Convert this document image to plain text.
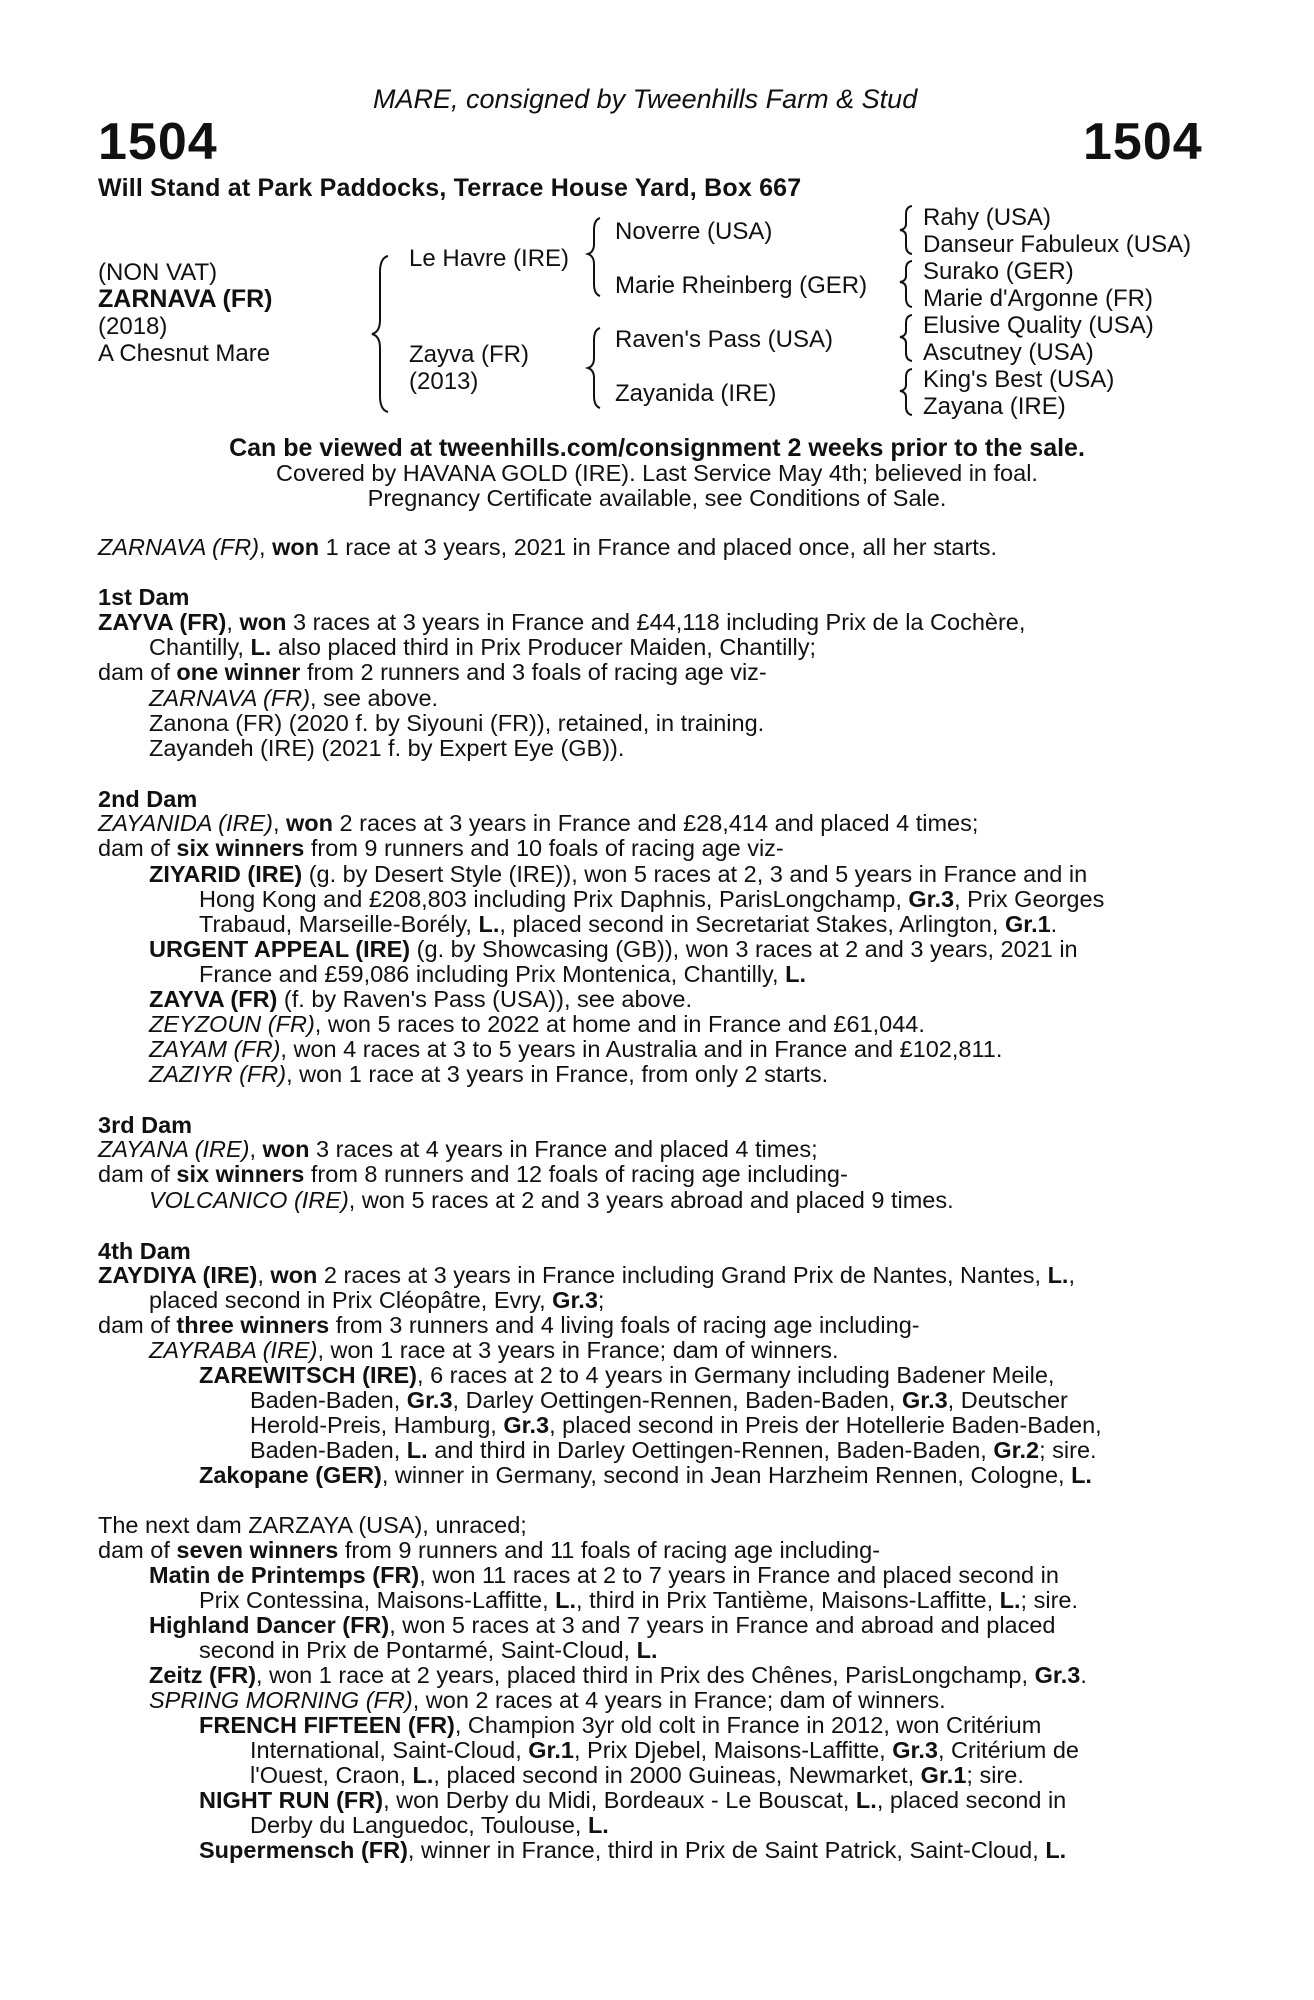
MARE, consigned by Tweenhills Farm & Stud
1504	1504
Will Stand at Park Paddocks, Terrace House Yard, Box 667
(NON VAT)
ZARNAVA (FR)
(2018)
A Chesnut Mare
Le Havre (IRE)
Zayva (FR)
(2013)
Noverre (USA)
Marie Rheinberg (GER)
Raven's Pass (USA)
Zayanida (IRE)
Rahy (USA)
Danseur Fabuleux (USA)
Surako (GER)
Marie d'Argonne (FR)
Elusive Quality (USA)
Ascutney (USA)
King's Best (USA)
Zayana (IRE)
Can be viewed at tweenhills.com/consignment 2 weeks prior to the sale.
Covered by HAVANA GOLD (IRE). Last Service May 4th; believed in foal.
Pregnancy Certificate available, see Conditions of Sale.
ZARNAVA (FR), won 1 race at 3 years, 2021 in France and placed once, all her starts.
1st Dam
ZAYVA (FR), won 3 races at 3 years in France and £44,118 including Prix de la Cochère,
Chantilly, L. also placed third in Prix Producer Maiden, Chantilly;
dam of one winner from 2 runners and 3 foals of racing age viz-
ZARNAVA (FR), see above.
Zanona (FR) (2020 f. by Siyouni (FR)), retained, in training.
Zayandeh (IRE) (2021 f. by Expert Eye (GB)).
2nd Dam
ZAYANIDA (IRE), won 2 races at 3 years in France and £28,414 and placed 4 times;
dam of six winners from 9 runners and 10 foals of racing age viz-
ZIYARID (IRE) (g. by Desert Style (IRE)), won 5 races at 2, 3 and 5 years in France and in
Hong Kong and £208,803 including Prix Daphnis, ParisLongchamp, Gr.3, Prix Georges
Trabaud, Marseille-Borély, L., placed second in Secretariat Stakes, Arlington, Gr.1.
URGENT APPEAL (IRE) (g. by Showcasing (GB)), won 3 races at 2 and 3 years, 2021 in
France and £59,086 including Prix Montenica, Chantilly, L.
ZAYVA (FR) (f. by Raven's Pass (USA)), see above.
ZEYZOUN (FR), won 5 races to 2022 at home and in France and £61,044.
ZAYAM (FR), won 4 races at 3 to 5 years in Australia and in France and £102,811.
ZAZIYR (FR), won 1 race at 3 years in France, from only 2 starts.
3rd Dam
ZAYANA (IRE), won 3 races at 4 years in France and placed 4 times;
dam of six winners from 8 runners and 12 foals of racing age including-
VOLCANICO (IRE), won 5 races at 2 and 3 years abroad and placed 9 times.
4th Dam
ZAYDIYA (IRE), won 2 races at 3 years in France including Grand Prix de Nantes, Nantes, L.,
placed second in Prix Cléopâtre, Evry, Gr.3;
dam of three winners from 3 runners and 4 living foals of racing age including-
ZAYRABA (IRE), won 1 race at 3 years in France; dam of winners.
ZAREWITSCH (IRE), 6 races at 2 to 4 years in Germany including Badener Meile,
Baden-Baden, Gr.3, Darley Oettingen-Rennen, Baden-Baden, Gr.3, Deutscher
Herold-Preis, Hamburg, Gr.3, placed second in Preis der Hotellerie Baden-Baden,
Baden-Baden, L. and third in Darley Oettingen-Rennen, Baden-Baden, Gr.2; sire.
Zakopane (GER), winner in Germany, second in Jean Harzheim Rennen, Cologne, L.
The next dam ZARZAYA (USA), unraced;
dam of seven winners from 9 runners and 11 foals of racing age including-
Matin de Printemps (FR), won 11 races at 2 to 7 years in France and placed second in
Prix Contessina, Maisons-Laffitte, L., third in Prix Tantième, Maisons-Laffitte, L.; sire.
Highland Dancer (FR), won 5 races at 3 and 7 years in France and abroad and placed
second in Prix de Pontarmé, Saint-Cloud, L.
Zeitz (FR), won 1 race at 2 years, placed third in Prix des Chênes, ParisLongchamp, Gr.3.
SPRING MORNING (FR), won 2 races at 4 years in France; dam of winners.
FRENCH FIFTEEN (FR), Champion 3yr old colt in France in 2012, won Critérium
International, Saint-Cloud, Gr.1, Prix Djebel, Maisons-Laffitte, Gr.3, Critérium de
l'Ouest, Craon, L., placed second in 2000 Guineas, Newmarket, Gr.1; sire.
NIGHT RUN (FR), won Derby du Midi, Bordeaux - Le Bouscat, L., placed second in
Derby du Languedoc, Toulouse, L.
Supermensch (FR), winner in France, third in Prix de Saint Patrick, Saint-Cloud, L.
